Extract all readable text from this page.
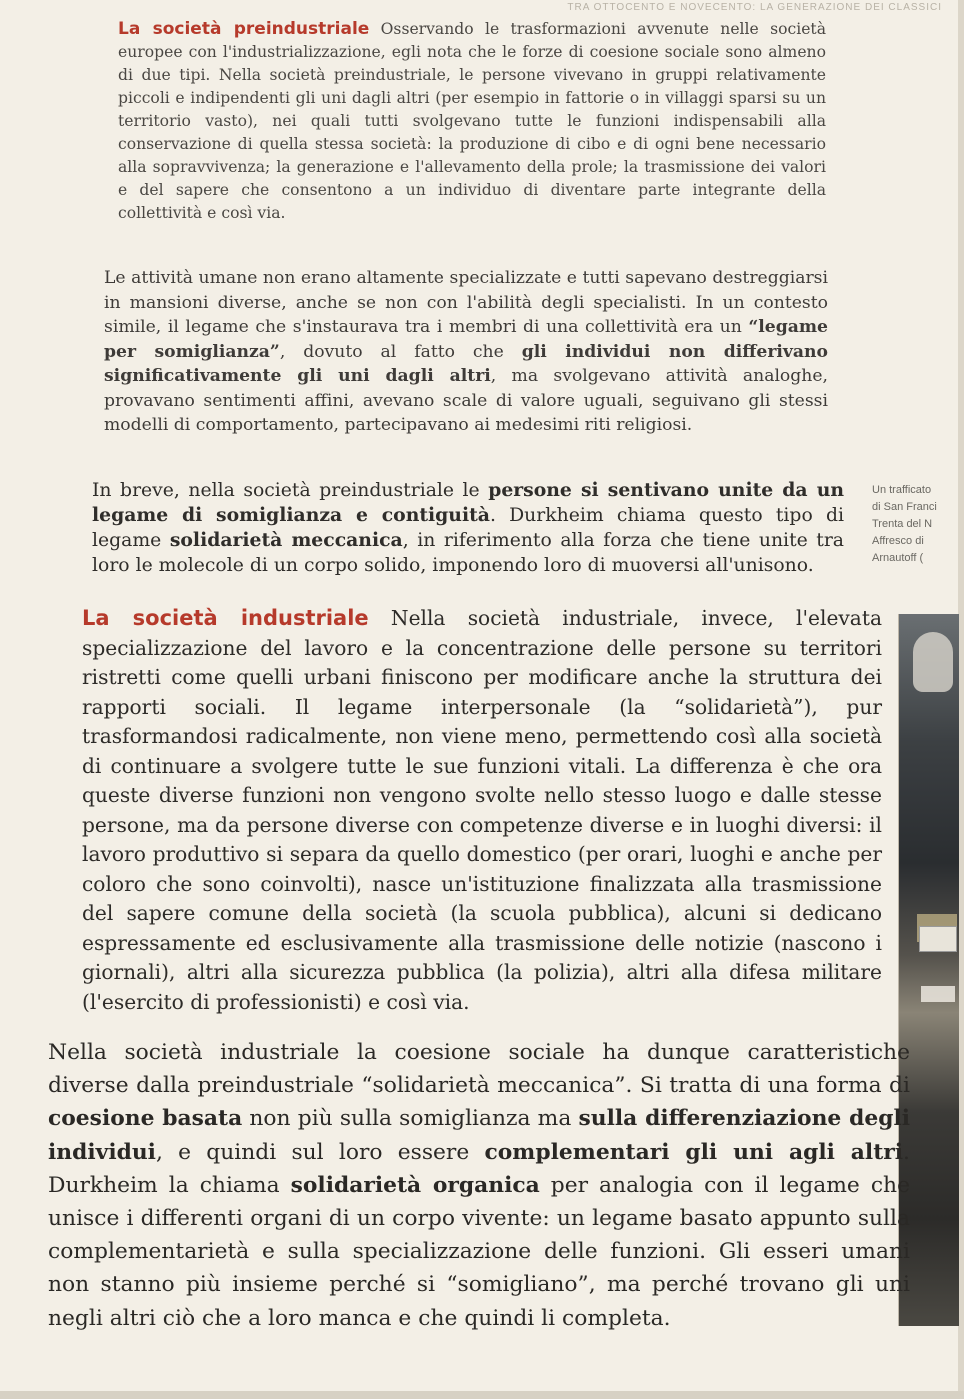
TRA OTTOCENTO E NOVECENTO: LA GENERAZIONE DEI CLASSICI

La società preindustriale Osservando le trasformazioni avvenute nelle società europee con l'industrializzazione, egli nota che le forze di coesione sociale sono almeno di due tipi. Nella società preindustriale, le persone vivevano in gruppi relativamente piccoli e indipendenti gli uni dagli altri (per esempio in fattorie o in villaggi sparsi su un territorio vasto), nei quali tutti svolgevano tutte le funzioni indispensabili alla conservazione di quella stessa società: la produzione di cibo e di ogni bene necessario alla sopravvivenza; la generazione e l'allevamento della prole; la trasmissione dei valori e del sapere che consentono a un individuo di diventare parte integrante della collettività e così via.

Le attività umane non erano altamente specializzate e tutti sapevano destreggiarsi in mansioni diverse, anche se non con l'abilità degli specialisti. In un contesto simile, il legame che s'instaurava tra i membri di una collettività era un “legame per somiglianza”, dovuto al fatto che gli individui non differivano significativamente gli uni dagli altri, ma svolgevano attività analoghe, provavano sentimenti affini, avevano scale di valore uguali, seguivano gli stessi modelli di comportamento, partecipavano ai medesimi riti religiosi.

In breve, nella società preindustriale le persone si sentivano unite da un legame di somiglianza e contiguità. Durkheim chiama questo tipo di legame solidarietà meccanica, in riferimento alla forza che tiene unite tra loro le molecole di un corpo solido, imponendo loro di muoversi all'unisono.

Un trafficato
di San Franci
Trenta del N
Affresco di
Arnautoff (

La società industriale Nella società industriale, invece, l'elevata specializzazione del lavoro e la concentrazione delle persone su territori ristretti come quelli urbani finiscono per modificare anche la struttura dei rapporti sociali. Il legame interpersonale (la “solidarietà”), pur trasformandosi radicalmente, non viene meno, permettendo così alla società di continuare a svolgere tutte le sue funzioni vitali. La differenza è che ora queste diverse funzioni non vengono svolte nello stesso luogo e dalle stesse persone, ma da persone diverse con competenze diverse e in luoghi diversi: il lavoro produttivo si separa da quello domestico (per orari, luoghi e anche per coloro che sono coinvolti), nasce un'istituzione finalizzata alla trasmissione del sapere comune della società (la scuola pubblica), alcuni si dedicano espressamente ed esclusivamente alla trasmissione delle notizie (nascono i giornali), altri alla sicurezza pubblica (la polizia), altri alla difesa militare (l'esercito di professionisti) e così via.

Nella società industriale la coesione sociale ha dunque caratteristiche diverse dalla preindustriale “solidarietà meccanica”. Si tratta di una forma di coesione basata non più sulla somiglianza ma sulla differenziazione degli individui, e quindi sul loro essere complementari gli uni agli altri. Durkheim la chiama solidarietà organica per analogia con il legame che unisce i differenti organi di un corpo vivente: un legame basato appunto sulla complementarietà e sulla specializzazione delle funzioni. Gli esseri umani non stanno più insieme perché si “somigliano”, ma perché trovano gli uni negli altri ciò che a loro manca e che quindi li completa.
